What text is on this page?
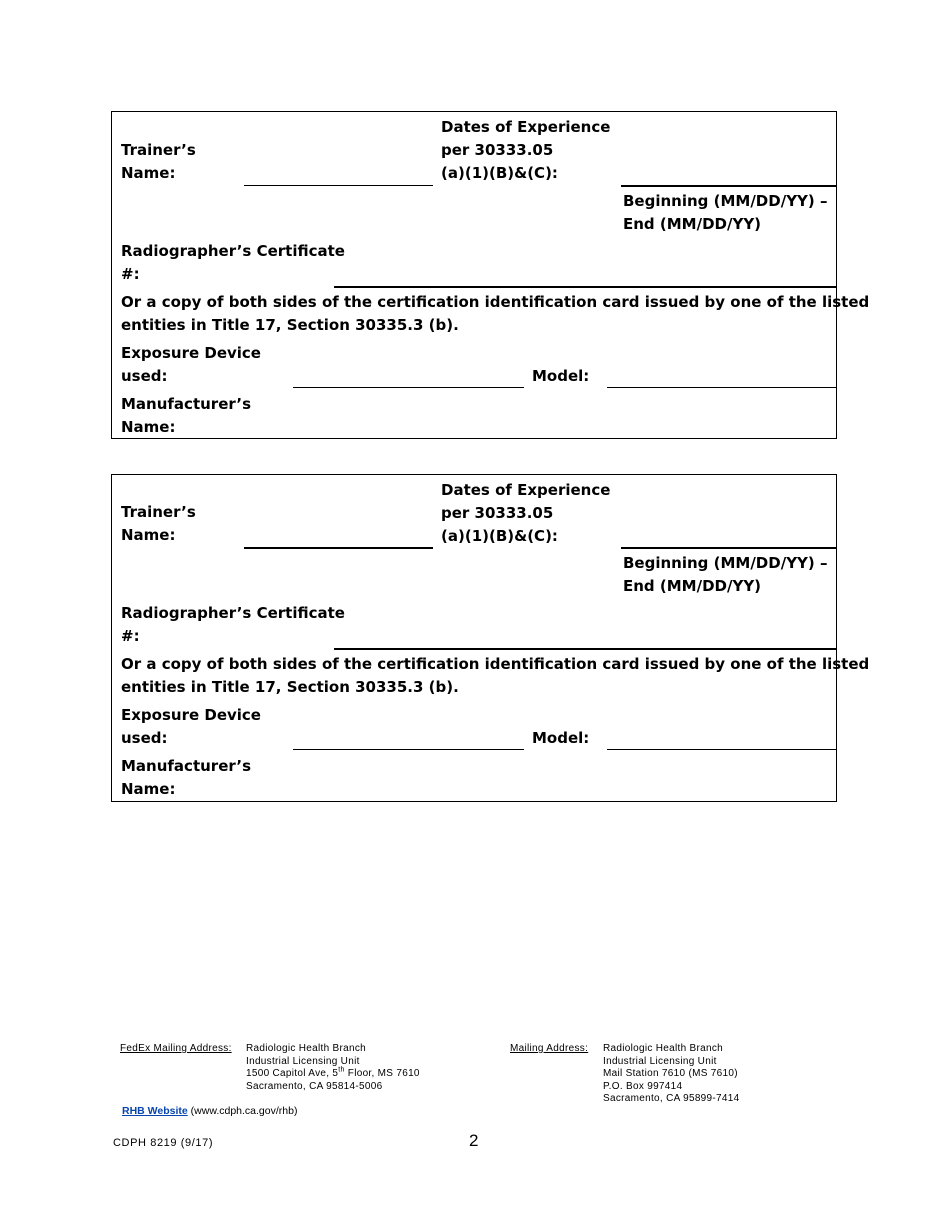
Trainer’s
Name:
Dates of Experience
per 30333.05
(a)(1)(B)&(C):
Beginning (MM/DD/YY) –
End (MM/DD/YY)
Radiographer’s Certificate
#:
Or a copy of both sides of the certification identification card issued by one of the listed
entities in Title 17, Section 30335.3 (b).
Exposure Device
used:	Model:
Manufacturer’s
Name:
Trainer’s
Name:
Dates of Experience
per 30333.05
(a)(1)(B)&(C):
Beginning (MM/DD/YY) –
End (MM/DD/YY)
Radiographer’s Certificate
#:
Or a copy of both sides of the certification identification card issued by one of the listed
entities in Title 17, Section 30335.3 (b).
Exposure Device
used:	Model:
Manufacturer’s
Name:
FedEx Mailing Address: Radiologic Health Branch
Industrial Licensing Unit
1500 Capitol Ave, 5th Floor, MS 7610
Sacramento, CA 95814-5006
Mailing Address: Radiologic Health Branch
Industrial Licensing Unit
Mail Station 7610 (MS 7610)
P.O. Box 997414
Sacramento, CA 95899-7414
RHB Website (www.cdph.ca.gov/rhb)
CDPH 8219 (9/17)	2
